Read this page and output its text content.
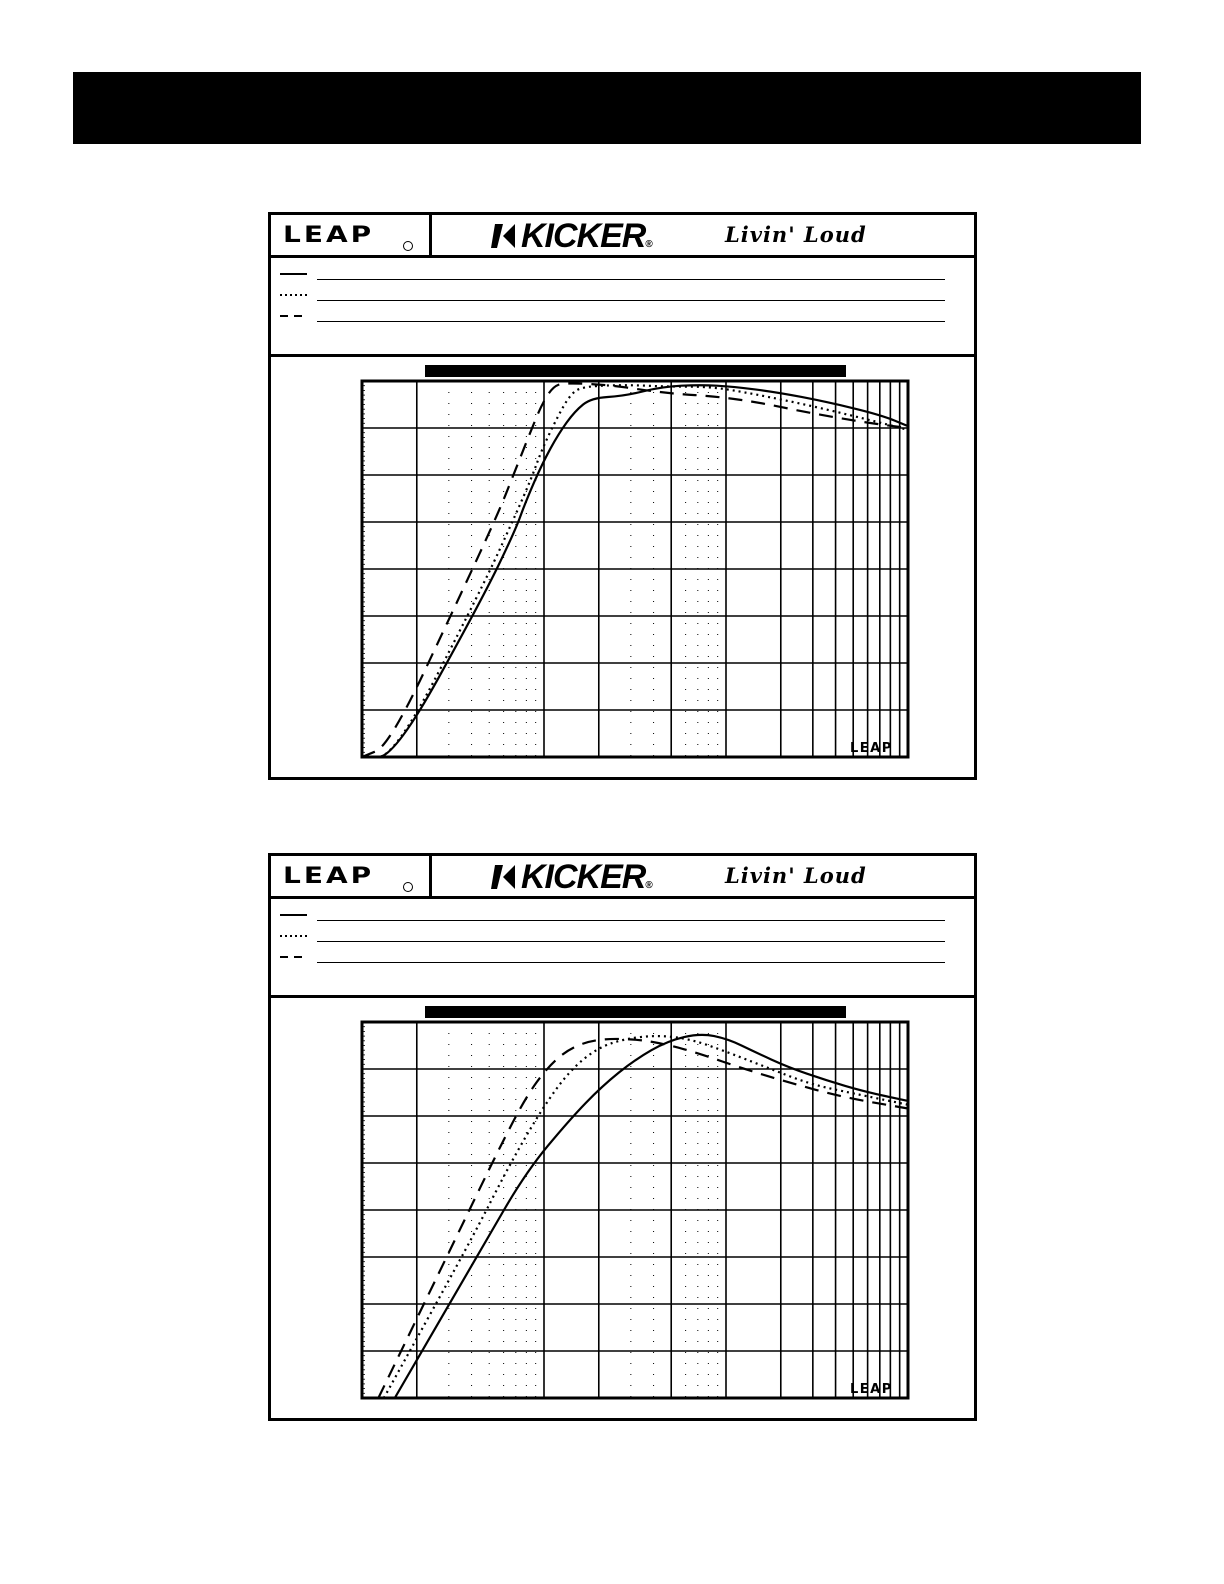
LEAP	KICKER®	Livin' Loud
LEAP
LEAP	KICKER®	Livin' Loud
LEAP
